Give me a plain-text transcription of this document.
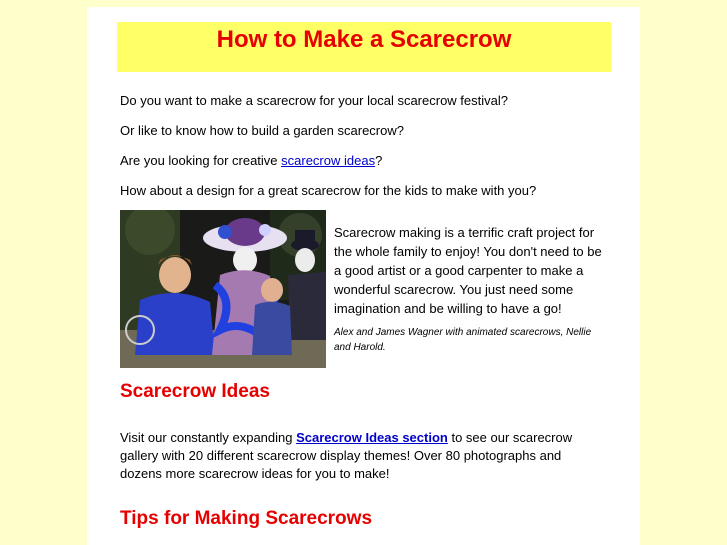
How to Make a Scarecrow
Do you want to make a scarecrow for your local scarecrow festival?
Or like to know how to build a garden scarecrow?
Are you looking for creative scarecrow ideas?
How about a design for a great scarecrow for the kids to make with you?
Scarecrow making is a terrific craft project for the whole family to enjoy! You don't need to be a good artist or a good carpenter to make a wonderful scarecrow. You just need some imagination and be willing to have a go!
Alex and James Wagner with animated scarecrows, Nellie and Harold.
Scarecrow Ideas
Visit our constantly expanding Scarecrow Ideas section to see our scarecrow gallery with 20 different scarecrow display themes! Over 80 photographs and dozens more scarecrow ideas for you to make!
Tips for Making Scarecrows
